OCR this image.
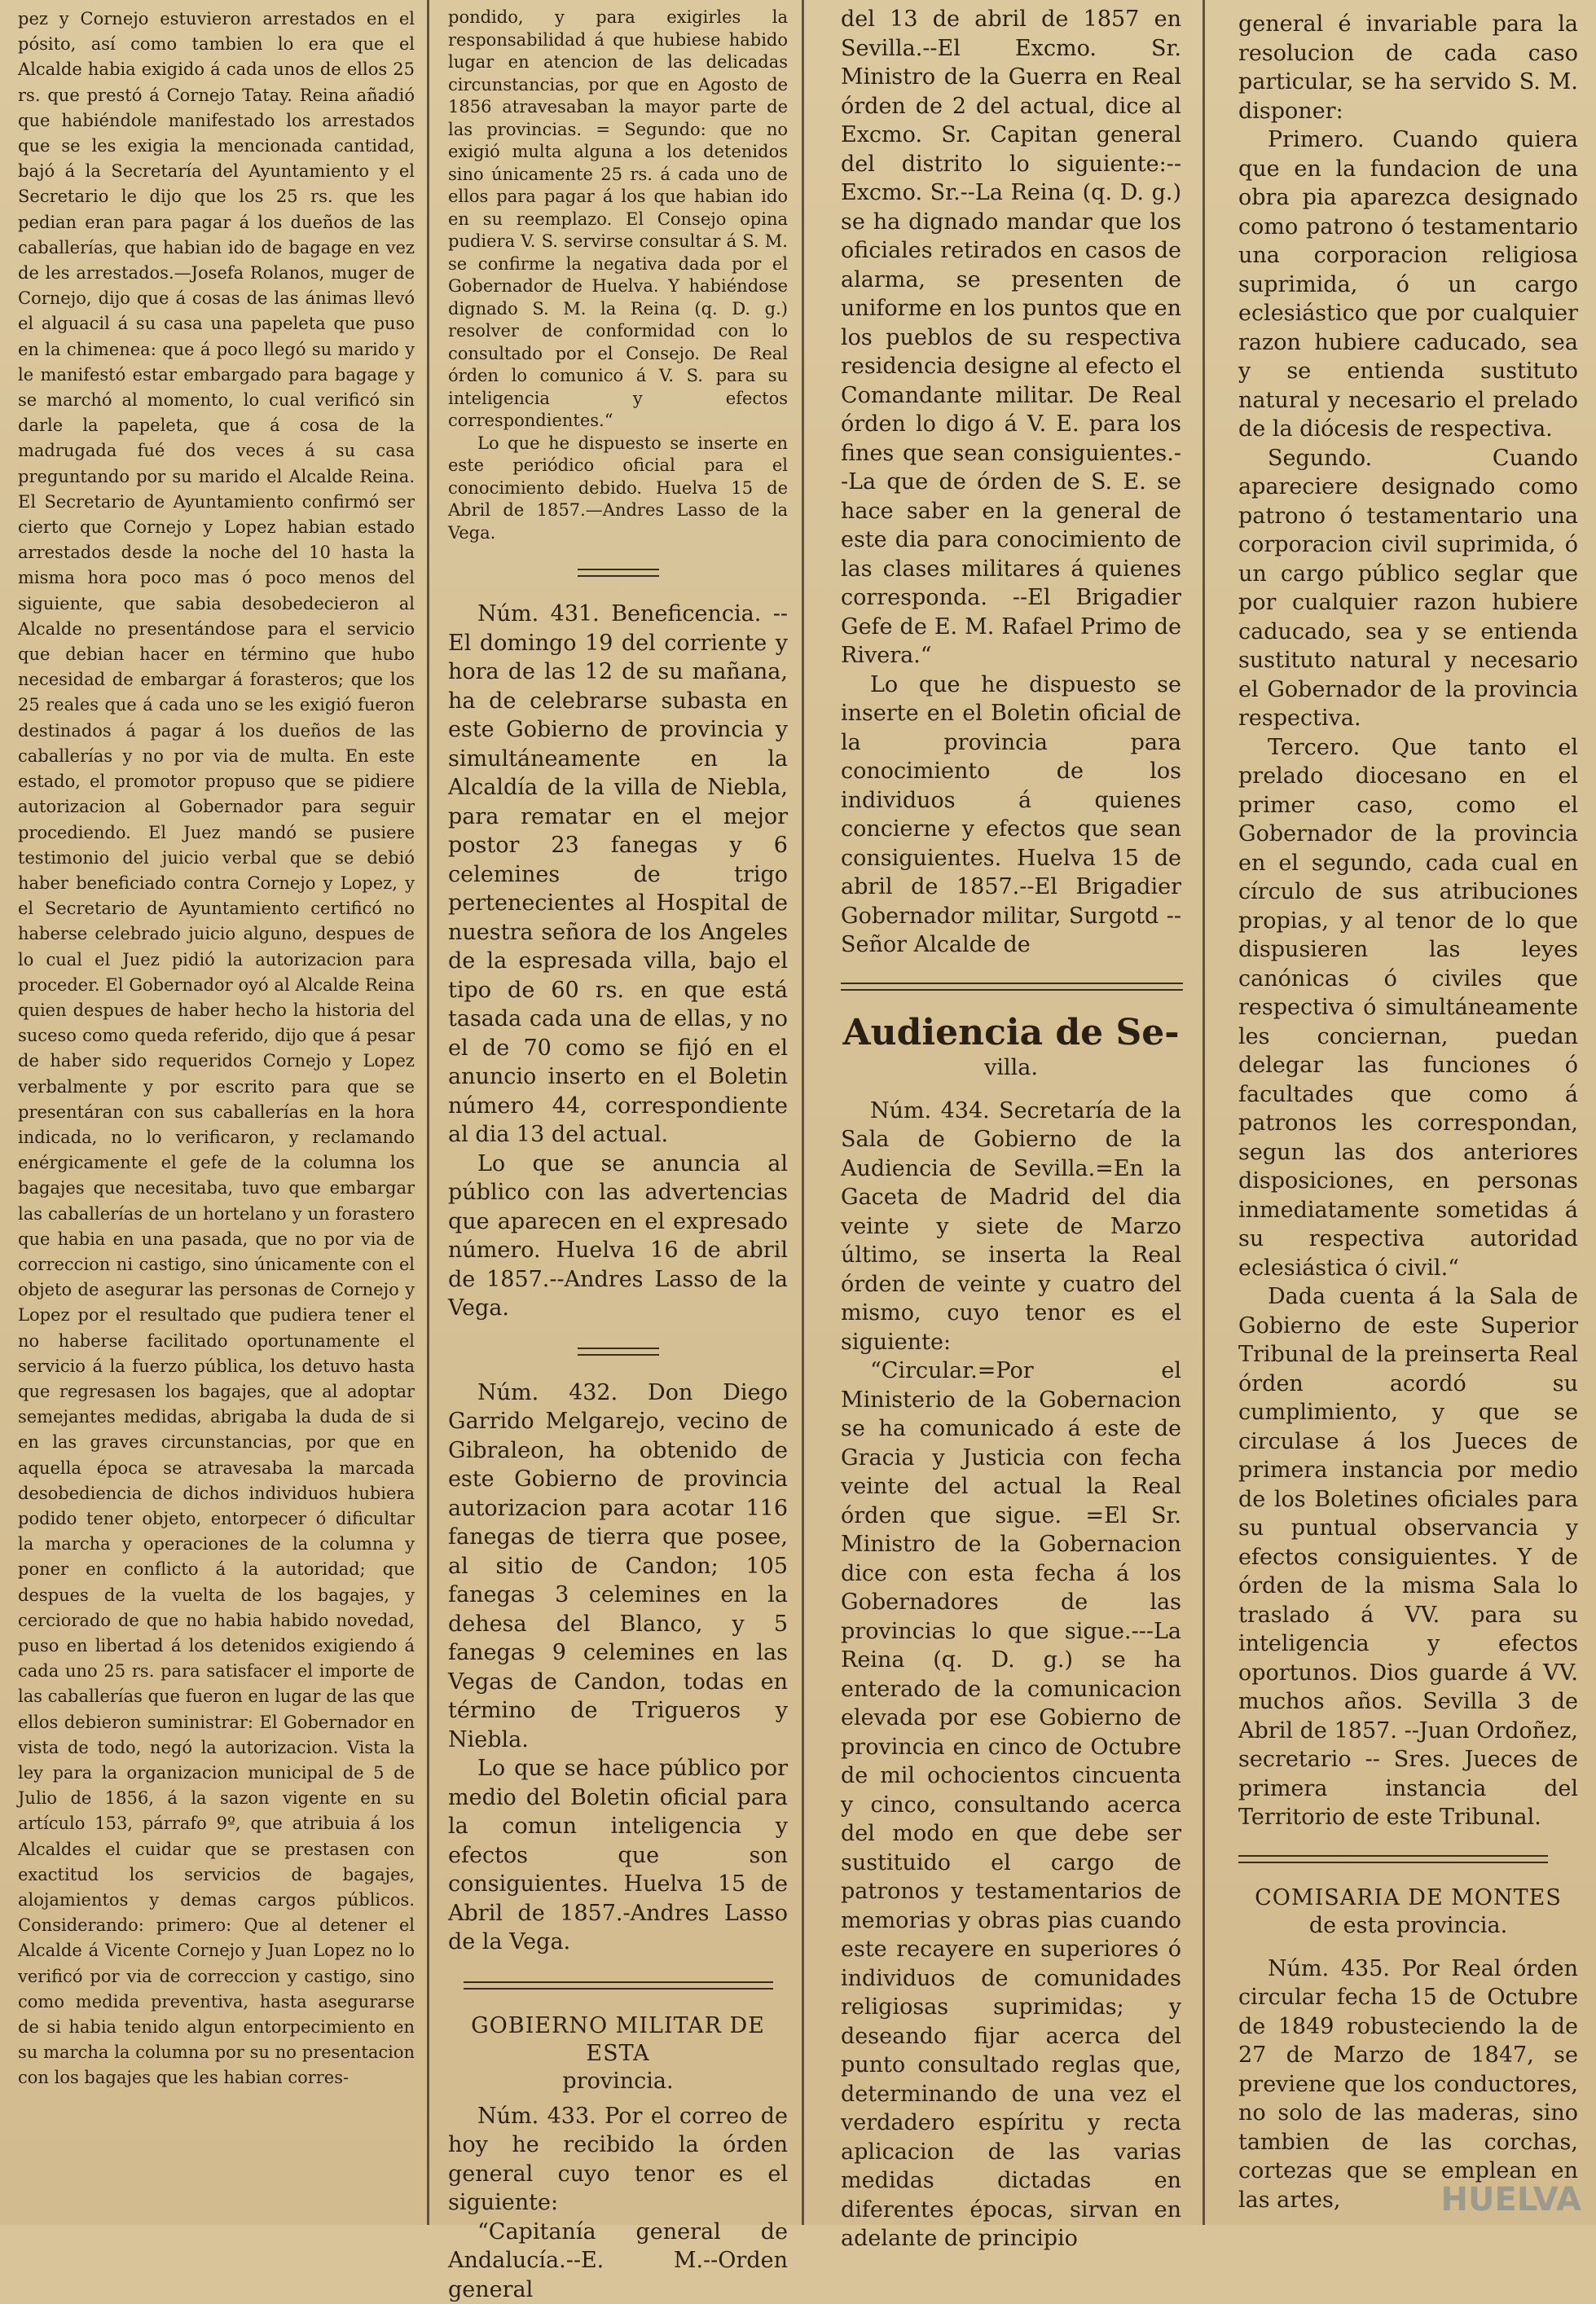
pez y Cornejo estuvieron arrestados en el pósito, así como tambien lo era que el Alcalde habia exigido á cada unos de ellos 25 rs. que prestó á Cornejo Tatay. Reina añadió que habiéndole manifestado los arrestados que se les exigia la mencionada cantidad, bajó á la Secretaría del Ayuntamiento y el Secretario le dijo que los 25 rs. que les pedian eran para pagar á los dueños de las caballerías, que habian ido de bagage en vez de les arrestados.—Josefa Rolanos, muger de Cornejo, dijo que á cosas de las ánimas llevó el alguacil á su casa una papeleta que puso en la chimenea: que á poco llegó su marido y le manifestó estar embargado para bagage y se marchó al momento, lo cual verificó sin darle la papeleta, que á cosa de la madrugada fué dos veces á su casa preguntando por su marido el Alcalde Reina. El Secretario de Ayuntamiento confirmó ser cierto que Cornejo y Lopez habian estado arrestados desde la noche del 10 hasta la misma hora poco mas ó poco menos del siguiente, que sabia desobedecieron al Alcalde no presentándose para el servicio que debian hacer en término que hubo necesidad de embargar á forasteros; que los 25 reales que á cada uno se les exigió fueron destinados á pagar á los dueños de las caballerías y no por via de multa. En este estado, el promotor propuso que se pidiere autorizacion al Gobernador para seguir procediendo. El Juez mandó se pusiere testimonio del juicio verbal que se debió haber beneficiado contra Cornejo y Lopez, y el Secretario de Ayuntamiento certificó no haberse celebrado juicio alguno, despues de lo cual el Juez pidió la autorizacion para proceder. El Gobernador oyó al Alcalde Reina quien despues de haber hecho la historia del suceso como queda referido, dijo que á pesar de haber sido requeridos Cornejo y Lopez verbalmente y por escrito para que se presentáran con sus caballerías en la hora indicada, no lo verificaron, y reclamando enérgicamente el gefe de la columna los bagajes que necesitaba, tuvo que embargar las caballerías de un hortelano y un forastero que habia en una pasada, que no por via de correccion ni castigo, sino únicamente con el objeto de asegurar las personas de Cornejo y Lopez por el resultado que pudiera tener el no haberse facilitado oportunamente el servicio á la fuerzo pública, los detuvo hasta que regresasen los bagajes, que al adoptar semejantes medidas, abrigaba la duda de si en las graves circunstancias, por que en aquella época se atravesaba la marcada desobediencia de dichos individuos hubiera podido tener objeto, entorpecer ó dificultar la marcha y operaciones de la columna y poner en conflicto á la autoridad; que despues de la vuelta de los bagajes, y cerciorado de que no habia habido novedad, puso en libertad á los detenidos exigiendo á cada uno 25 rs. para satisfacer el importe de las caballerías que fueron en lugar de las que ellos debieron suministrar: El Gobernador en vista de todo, negó la autorizacion. Vista la ley para la organizacion municipal de 5 de Julio de 1856, á la sazon vigente en su artículo 153, párrafo 9º, que atribuia á los Alcaldes el cuidar que se prestasen con exactitud los servicios de bagajes, alojamientos y demas cargos públicos. Considerando: primero: Que al detener el Alcalde á Vicente Cornejo y Juan Lopez no lo verificó por via de correccion y castigo, sino como medida preventiva, hasta asegurarse de si habia tenido algun entorpecimiento en su marcha la columna por su no presentacion con los bagajes que les habian corres-

pondido, y para exigirles la responsabilidad á que hubiese habido lugar en atencion de las delicadas circunstancias, por que en Agosto de 1856 atravesaban la mayor parte de las provincias. = Segundo: que no exigió multa alguna a los detenidos sino únicamente 25 rs. á cada uno de ellos para pagar á los que habian ido en su reemplazo. El Consejo opina pudiera V. S. servirse consultar á S. M. se confirme la negativa dada por el Gobernador de Huelva. Y habiéndose dignado S. M. la Reina (q. D. g.) resolver de conformidad con lo consultado por el Consejo. De Real órden lo comunico á V. S. para su inteligencia y efectos correspondientes.“

Lo que he dispuesto se inserte en este periódico oficial para el conocimiento debido. Huelva 15 de Abril de 1857.—Andres Lasso de la Vega.

Núm. 431. Beneficencia. --El domingo 19 del corriente y hora de las 12 de su mañana, ha de celebrarse subasta en este Gobierno de provincia y simultáneamente en la Alcaldía de la villa de Niebla, para rematar en el mejor postor 23 fanegas y 6 celemines de trigo pertenecientes al Hospital de nuestra señora de los Angeles de la espresada villa, bajo el tipo de 60 rs. en que está tasada cada una de ellas, y no el de 70 como se fijó en el anuncio inserto en el Boletin número 44, correspondiente al dia 13 del actual.

Lo que se anuncia al público con las advertencias que aparecen en el expresado número. Huelva 16 de abril de 1857.--Andres Lasso de la Vega.

Núm. 432. Don Diego Garrido Melgarejo, vecino de Gibraleon, ha obtenido de este Gobierno de provincia autorizacion para acotar 116 fanegas de tierra que posee, al sitio de Candon; 105 fanegas 3 celemines en la dehesa del Blanco, y 5 fanegas 9 celemines en las Vegas de Candon, todas en término de Trigueros y Niebla.

Lo que se hace público por medio del Boletin oficial para la comun inteligencia y efectos que son consiguientes. Huelva 15 de Abril de 1857.-Andres Lasso de la Vega.

GOBIERNO MILITAR DE ESTA
provincia.

Núm. 433. Por el correo de hoy he recibido la órden general cuyo tenor es el siguiente:

“Capitanía general de Andalucía.--E. M.--Orden general

del 13 de abril de 1857 en Sevilla.--El Excmo. Sr. Ministro de la Guerra en Real órden de 2 del actual, dice al Excmo. Sr. Capitan general del distrito lo siguiente:--Excmo. Sr.--La Reina (q. D. g.) se ha dignado mandar que los oficiales retirados en casos de alarma, se presenten de uniforme en los puntos que en los pueblos de su respectiva residencia designe al efecto el Comandante militar. De Real órden lo digo á V. E. para los fines que sean consiguientes.--La que de órden de S. E. se hace saber en la general de este dia para conocimiento de las clases militares á quienes corresponda. --El Brigadier Gefe de E. M. Rafael Primo de Rivera.“

Lo que he dispuesto se inserte en el Boletin oficial de la provincia para conocimiento de los individuos á quienes concierne y efectos que sean consiguientes. Huelva 15 de abril de 1857.--El Brigadier Gobernador militar, Surgotd --Señor Alcalde de

Audiencia de Se-
villa.

Núm. 434. Secretaría de la Sala de Gobierno de la Audiencia de Sevilla.=En la Gaceta de Madrid del dia veinte y siete de Marzo último, se inserta la Real órden de veinte y cuatro del mismo, cuyo tenor es el siguiente:

“Circular.=Por el Ministerio de la Gobernacion se ha comunicado á este de Gracia y Justicia con fecha veinte del actual la Real órden que sigue. =El Sr. Ministro de la Gobernacion dice con esta fecha á los Gobernadores de las provincias lo que sigue.---La Reina (q. D. g.) se ha enterado de la comunicacion elevada por ese Gobierno de provincia en cinco de Octubre de mil ochocientos cincuenta y cinco, consultando acerca del modo en que debe ser sustituido el cargo de patronos y testamentarios de memorias y obras pias cuando este recayere en superiores ó individuos de comunidades religiosas suprimidas; y deseando fijar acerca del punto consultado reglas que, determinando de una vez el verdadero espíritu y recta aplicacion de las varias medidas dictadas en diferentes épocas, sirvan en adelante de principio

general é invariable para la resolucion de cada caso particular, se ha servido S. M. disponer:

Primero. Cuando quiera que en la fundacion de una obra pia aparezca designado como patrono ó testamentario una corporacion religiosa suprimida, ó un cargo eclesiástico que por cualquier razon hubiere caducado, sea y se entienda sustituto natural y necesario el prelado de la diócesis de respectiva.

Segundo. Cuando apareciere designado como patrono ó testamentario una corporacion civil suprimida, ó un cargo público seglar que por cualquier razon hubiere caducado, sea y se entienda sustituto natural y necesario el Gobernador de la provincia respectiva.

Tercero. Que tanto el prelado diocesano en el primer caso, como el Gobernador de la provincia en el segundo, cada cual en círculo de sus atribuciones propias, y al tenor de lo que dispusieren las leyes canónicas ó civiles que respectiva ó simultáneamente les conciernan, puedan delegar las funciones ó facultades que como á patronos les correspondan, segun las dos anteriores disposiciones, en personas inmediatamente sometidas á su respectiva autoridad eclesiástica ó civil.“

Dada cuenta á la Sala de Gobierno de este Superior Tribunal de la preinserta Real órden acordó su cumplimiento, y que se circulase á los Jueces de primera instancia por medio de los Boletines oficiales para su puntual observancia y efectos consiguientes. Y de órden de la misma Sala lo traslado á VV. para su inteligencia y efectos oportunos. Dios guarde á VV. muchos años. Sevilla 3 de Abril de 1857. --Juan Ordoñez, secretario -- Sres. Jueces de primera instancia del Territorio de este Tribunal.

COMISARIA DE MONTES
de esta provincia.

Núm. 435. Por Real órden circular fecha 15 de Octubre de 1849 robusteciendo la de 27 de Marzo de 1847, se previene que los conductores, no solo de las maderas, sino tambien de las corchas, cortezas que se emplean en las artes,	HUELVA
